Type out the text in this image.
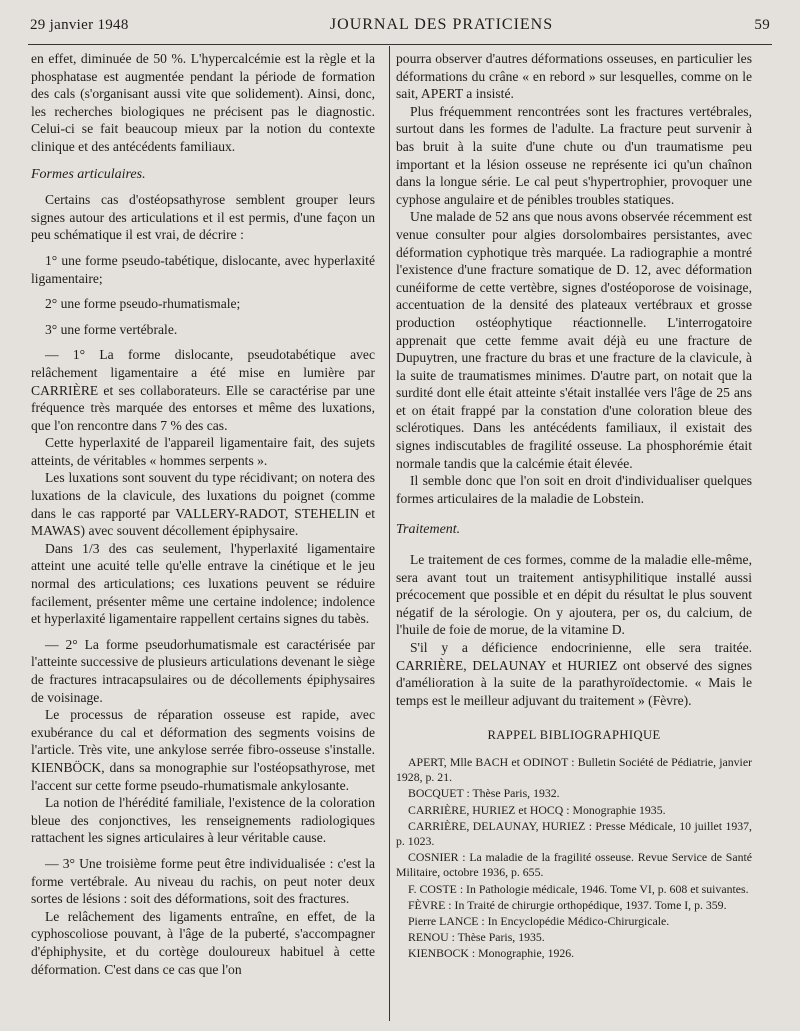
29 janvier 1948	JOURNAL DES PRATICIENS	59

en effet, diminuée de 50 %. L'hypercalcémie est la règle et la phosphatase est augmentée pendant la période de formation des cals (s'organisant aussi vite que solidement). Ainsi, donc, les recherches biologiques ne précisent pas le diagnostic. Celui-ci se fait beaucoup mieux par la notion du contexte clinique et des antécédents familiaux.

Formes articulaires.

Certains cas d'ostéopsathyrose semblent grouper leurs signes autour des articulations et il est permis, d'une façon un peu schématique il est vrai, de décrire :

1° une forme pseudo-tabétique, dislocante, avec hyperlaxité ligamentaire;

2° une forme pseudo-rhumatismale;

3° une forme vertébrale.

— 1° La forme dislocante, pseudotabétique avec relâchement ligamentaire a été mise en lumière par CARRIÈRE et ses collaborateurs. Elle se caractérise par une fréquence très marquée des entorses et même des luxations, que l'on rencontre dans 7 % des cas.

Cette hyperlaxité de l'appareil ligamentaire fait, des sujets atteints, de véritables « hommes serpents ».

Les luxations sont souvent du type récidivant; on notera des luxations de la clavicule, des luxations du poignet (comme dans le cas rapporté par VALLERY-RADOT, STEHELIN et MAWAS) avec souvent décollement épiphysaire.

Dans 1/3 des cas seulement, l'hyperlaxité ligamentaire atteint une acuité telle qu'elle entrave la cinétique et le jeu normal des articulations; ces luxations peuvent se réduire facilement, présenter même une certaine indolence; indolence et hyperlaxité ligamentaire rappellent certains signes du tabès.

— 2° La forme pseudorhumatismale est caractérisée par l'atteinte successive de plusieurs articulations devenant le siège de fractures intracapsulaires ou de décollements épiphysaires de voisinage.

Le processus de réparation osseuse est rapide, avec exubérance du cal et déformation des segments voisins de l'article. Très vite, une ankylose serrée fibro-osseuse s'installe. KIENBÖCK, dans sa monographie sur l'ostéopsathyrose, met l'accent sur cette forme pseudo-rhumatismale ankylosante.

La notion de l'hérédité familiale, l'existence de la coloration bleue des conjonctives, les renseignements radiologiques rattachent les signes articulaires à leur véritable cause.

— 3° Une troisième forme peut être individualisée : c'est la forme vertébrale. Au niveau du rachis, on peut noter deux sortes de lésions : soit des déformations, soit des fractures.

Le relâchement des ligaments entraîne, en effet, de la cyphoscoliose pouvant, à l'âge de la puberté, s'accompagner d'éphiphysite, et du cortège douloureux habituel à cette déformation. C'est dans ce cas que l'on

pourra observer d'autres déformations osseuses, en particulier les déformations du crâne « en rebord » sur lesquelles, comme on le sait, APERT a insisté.

Plus fréquemment rencontrées sont les fractures vertébrales, surtout dans les formes de l'adulte. La fracture peut survenir à bas bruit à la suite d'une chute ou d'un traumatisme peu important et la lésion osseuse ne représente ici qu'un chaînon dans la longue série. Le cal peut s'hypertrophier, provoquer une cyphose angulaire et de pénibles troubles statiques.

Une malade de 52 ans que nous avons observée récemment est venue consulter pour algies dorsolombaires persistantes, avec déformation cyphotique très marquée. La radiographie a montré l'existence d'une fracture somatique de D. 12, avec déformation cunéiforme de cette vertèbre, signes d'ostéoporose de voisinage, accentuation de la densité des plateaux vertébraux et grosse production ostéophytique réactionnelle. L'interrogatoire apprenait que cette femme avait déjà eu une fracture de Dupuytren, une fracture du bras et une fracture de la clavicule, à la suite de traumatismes minimes. D'autre part, on notait que la surdité dont elle était atteinte s'était installée vers l'âge de 25 ans et on était frappé par la constation d'une coloration bleue des sclérotiques. Dans les antécédents familiaux, il existait des signes indiscutables de fragilité osseuse. La phosphorémie était normale tandis que la calcémie était élevée.

Il semble donc que l'on soit en droit d'individualiser quelques formes articulaires de la maladie de Lobstein.

Traitement.

Le traitement de ces formes, comme de la maladie elle-même, sera avant tout un traitement antisyphilitique installé aussi précocement que possible et en dépit du résultat le plus souvent négatif de la sérologie. On y ajoutera, per os, du calcium, de l'huile de foie de morue, de la vitamine D.

S'il y a déficience endocrinienne, elle sera traitée. CARRIÈRE, DELAUNAY et HURIEZ ont observé des signes d'amélioration à la suite de la parathyroïdectomie. « Mais le temps est le meilleur adjuvant du traitement » (Fèvre).

RAPPEL BIBLIOGRAPHIQUE

APERT, Mlle BACH et ODINOT : Bulletin Société de Pédiatrie, janvier 1928, p. 21.

BOCQUET : Thèse Paris, 1932.

CARRIÈRE, HURIEZ et HOCQ : Monographie 1935.

CARRIÈRE, DELAUNAY, HURIEZ : Presse Médicale, 10 juillet 1937, p. 1023.

COSNIER : La maladie de la fragilité osseuse. Revue Service de Santé Militaire, octobre 1936, p. 655.

F. COSTE : In Pathologie médicale, 1946. Tome VI, p. 608 et suivantes.

FÈVRE : In Traité de chirurgie orthopédique, 1937. Tome I, p. 359.

Pierre LANCE : In Encyclopédie Médico-Chirurgicale.

RENOU : Thèse Paris, 1935.

KIENBOCK : Monographie, 1926.
